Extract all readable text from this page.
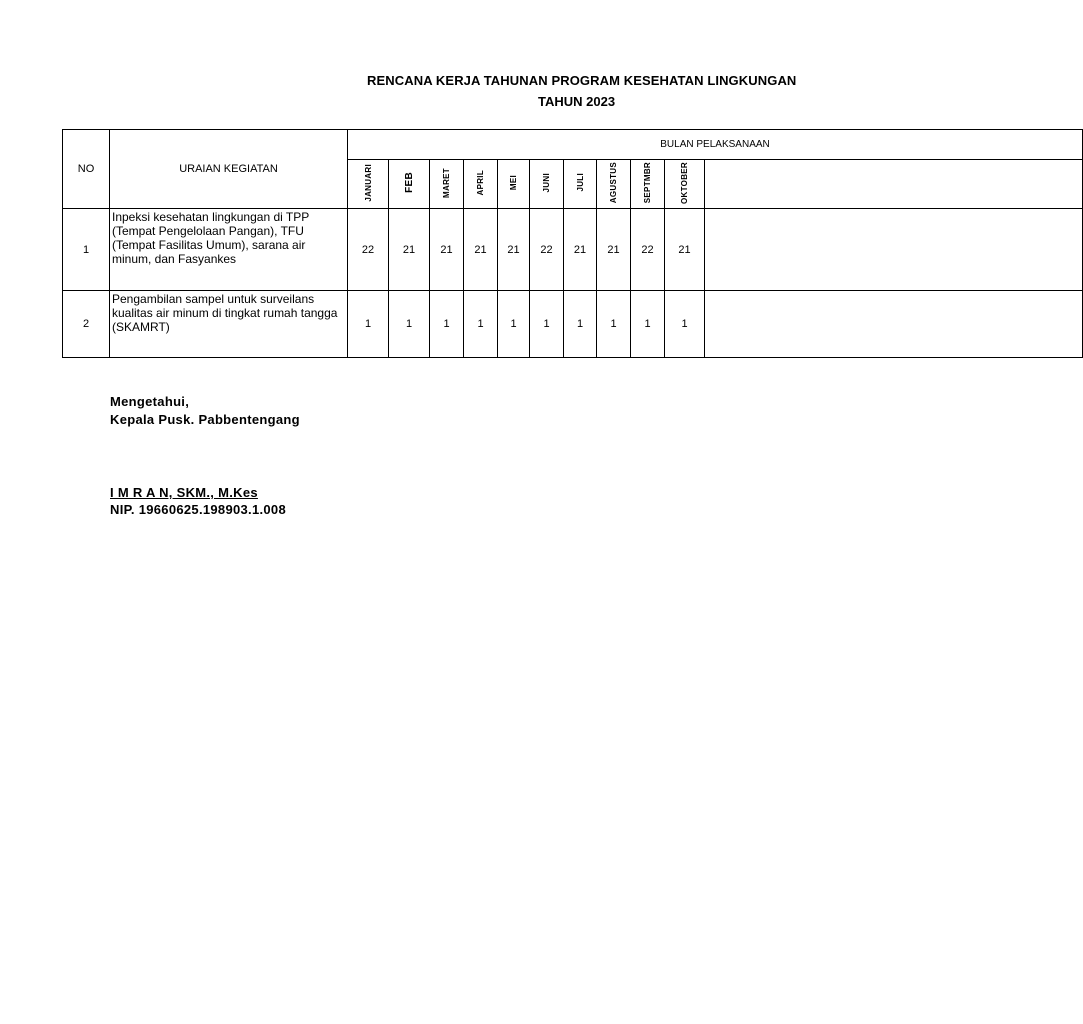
RENCANA KERJA TAHUNAN PROGRAM KESEHATAN LINGKUNGAN
TAHUN 2023
NO	URAIAN KEGIATAN	BULAN PELAKSANAAN										
		JANUARI	FEB	MARET	APRIL	MEI	JUNI	JULI	AGUSTUS	SEPTMBR	OKTOBER	
1	Inpeksi kesehatan lingkungan di TPP (Tempat Pengelolaan Pangan), TFU (Tempat Fasilitas Umum), sarana air minum, dan Fasyankes	22	21	21	21	21	22	21	21	22	21	
2	Pengambilan sampel untuk surveilans kualitas air minum di tingkat rumah tangga (SKAMRT)	1	1	1	1	1	1	1	1	1	1	
Mengetahui,
Kepala Pusk. Pabbentengang
I M R A N, SKM., M.Kes
NIP. 19660625.198903.1.008
